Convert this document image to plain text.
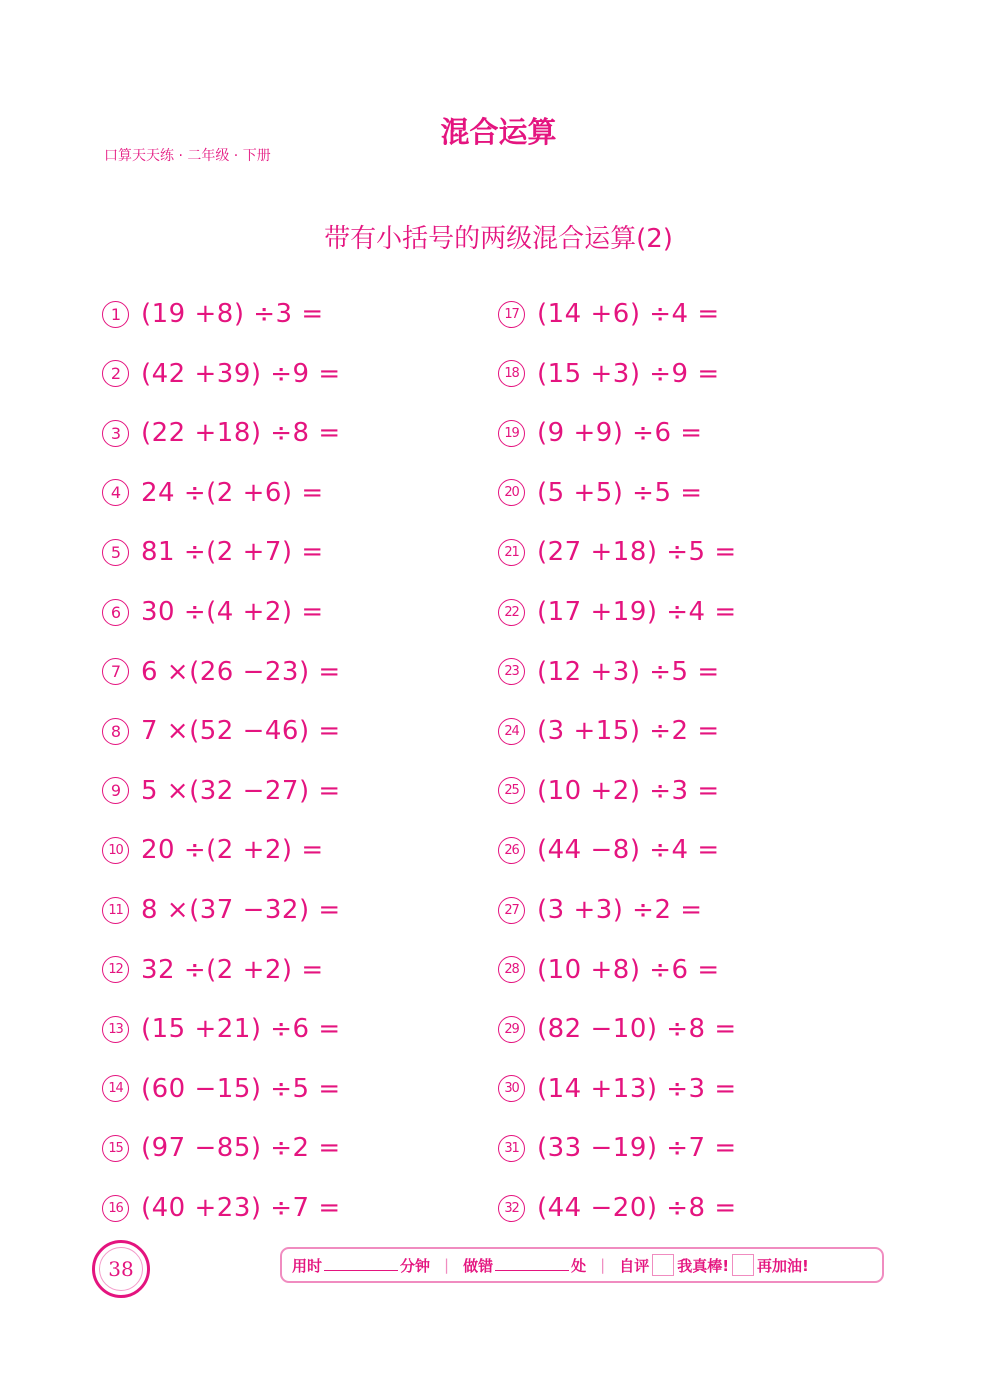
混合运算
口算天天练 · 二年级 · 下册
带有小括号的两级混合运算(2)
1 (19 +8) ÷3 =
2 (42 +39) ÷9 =
3 (22 +18) ÷8 =
4 24 ÷(2 +6) =
5 81 ÷(2 +7) =
6 30 ÷(4 +2) =
7 6 ×(26 −23) =
8 7 ×(52 −46) =
9 5 ×(32 −27) =
10 20 ÷(2 +2) =
11 8 ×(37 −32) =
12 32 ÷(2 +2) =
13 (15 +21) ÷6 =
14 (60 −15) ÷5 =
15 (97 −85) ÷2 =
16 (40 +23) ÷7 =
17 (14 +6) ÷4 =
18 (15 +3) ÷9 =
19 (9 +9) ÷6 =
20 (5 +5) ÷5 =
21 (27 +18) ÷5 =
22 (17 +19) ÷4 =
23 (12 +3) ÷5 =
24 (3 +15) ÷2 =
25 (10 +2) ÷3 =
26 (44 −8) ÷4 =
27 (3 +3) ÷2 =
28 (10 +8) ÷6 =
29 (82 −10) ÷8 =
30 (14 +13) ÷3 =
31 (33 −19) ÷7 =
32 (44 −20) ÷8 =
38	用时	分钟 | 做错	处 | 自评 我真棒! 再加油!
